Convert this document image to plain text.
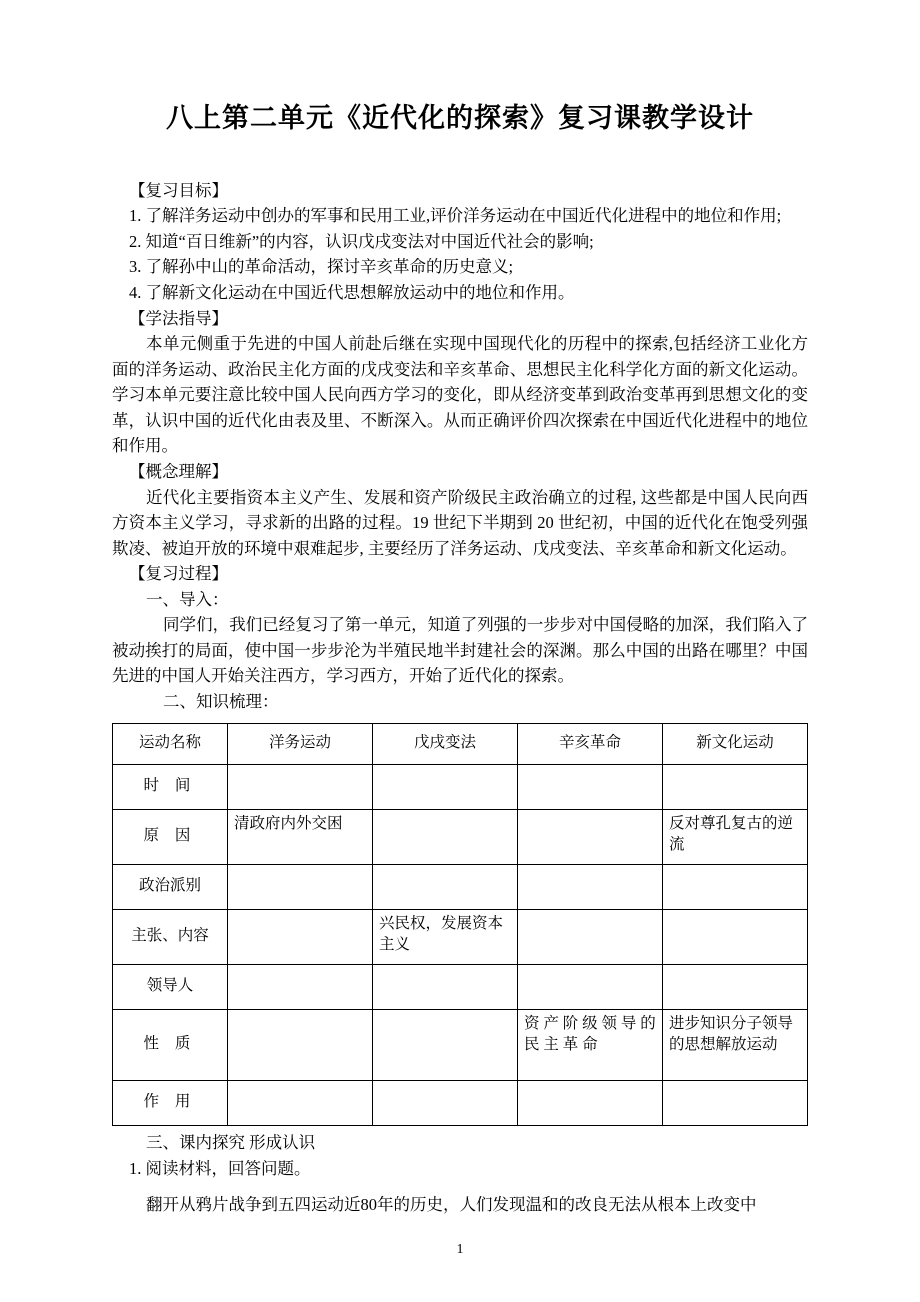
八上第二单元《近代化的探索》复习课教学设计

【复习目标】

1. 了解洋务运动中创办的军事和民用工业,评价洋务运动在中国近代化进程中的地位和作用;

2. 知道“百日维新”的内容，认识戊戌变法对中国近代社会的影响;

3. 了解孙中山的革命活动，探讨辛亥革命的历史意义;

4. 了解新文化运动在中国近代思想解放运动中的地位和作用。

【学法指导】

本单元侧重于先进的中国人前赴后继在实现中国现代化的历程中的探索,包括经济工业化方面的洋务运动、政治民主化方面的戊戌变法和辛亥革命、思想民主化科学化方面的新文化运动。学习本单元要注意比较中国人民向西方学习的变化，即从经济变革到政治变革再到思想文化的变革，认识中国的近代化由表及里、不断深入。从而正确评价四次探索在中国近代化进程中的地位和作用。

【概念理解】

近代化主要指资本主义产生、发展和资产阶级民主政治确立的过程, 这些都是中国人民向西方资本主义学习，寻求新的出路的过程。19 世纪下半期到 20 世纪初，中国的近代化在饱受列强欺凌、被迫开放的环境中艰难起步, 主要经历了洋务运动、戊戌变法、辛亥革命和新文化运动。

【复习过程】

一、导入：

同学们，我们已经复习了第一单元，知道了列强的一步步对中国侵略的加深，我们陷入了被动挨打的局面，使中国一步步沦为半殖民地半封建社会的深渊。那么中国的出路在哪里？中国先进的中国人开始关注西方，学习西方，开始了近代化的探索。

二、知识梳理：

运动名称	洋务运动	戊戌变法	辛亥革命	新文化运动
时 间				
原 因	清政府内外交困			反对尊孔复古的逆流
政治派别				
主张、内容		兴民权，发展资本主义		
领导人				
性 质			资 产 阶 级 领 导 的 民 主 革 命	进步知识分子领导的思想解放运动
作 用				

三、课内探究 形成认识

1. 阅读材料，回答问题。

翻开从鸦片战争到五四运动近80年的历史，人们发现温和的改良无法从根本上改变中

1
